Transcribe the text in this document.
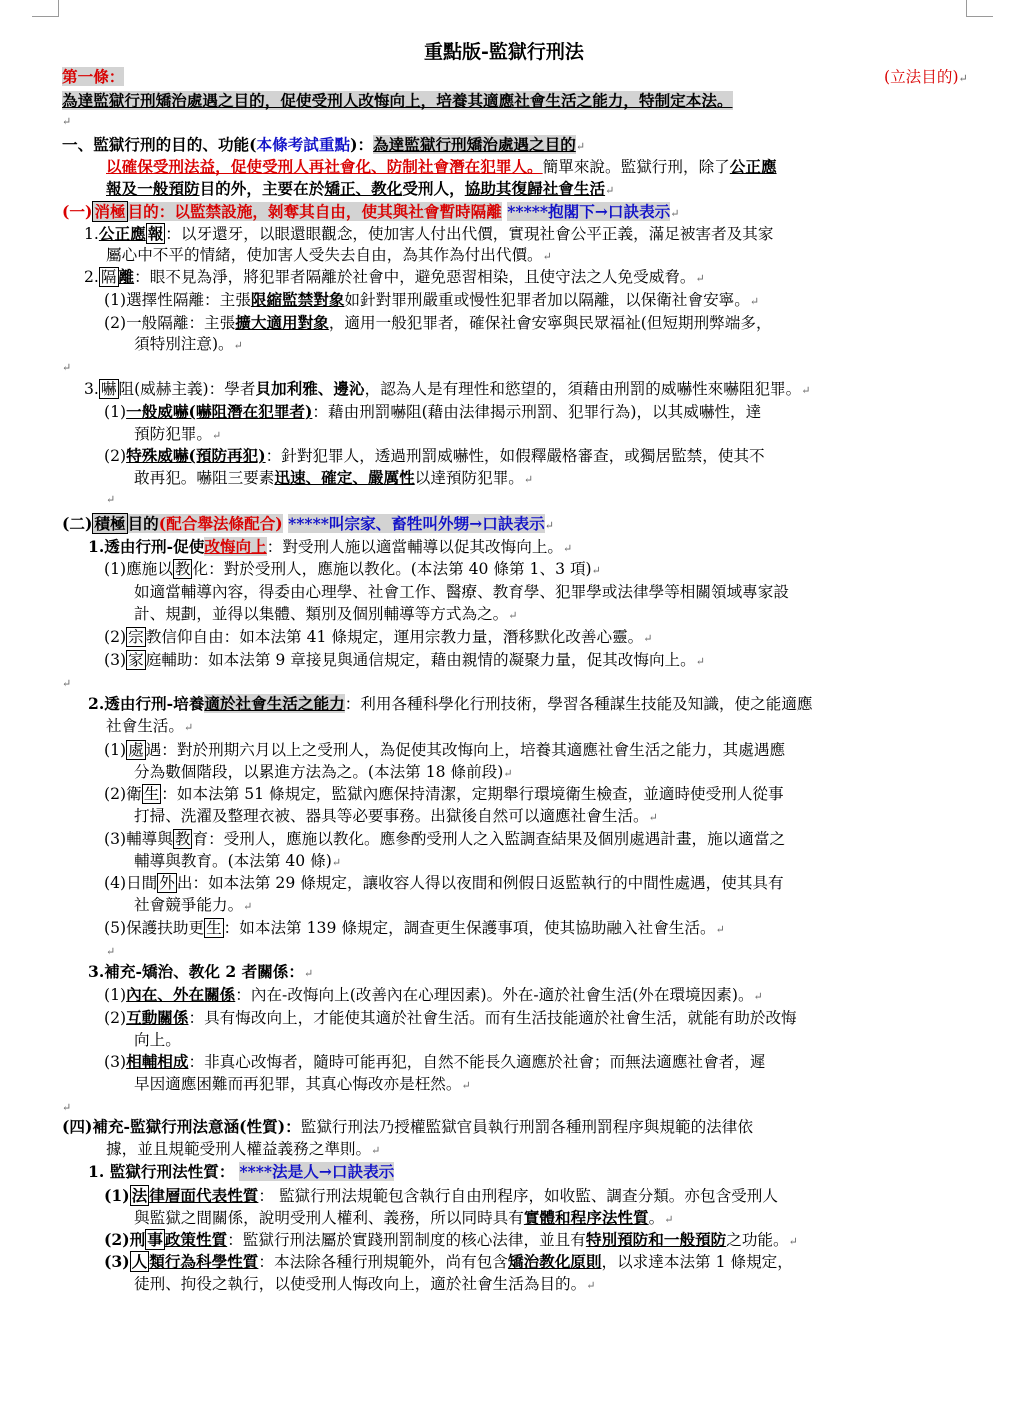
重點版-監獄行刑法
第一條：	(立法目的)↵
為達監獄行刑矯治處遇之目的，促使受刑人改悔向上，培養其適應社會生活之能力，特制定本法。
↵
一、監獄行刑的目的、功能(本條考試重點)：為達監獄行刑矯治處遇之目的↵
以確保受刑法益，促使受刑人再社會化、防制社會潛在犯罪人。簡單來說。監獄行刑，除了公正應
報及一般預防目的外，主要在於矯正、教化受刑人，協助其復歸社會生活↵
(一) 消極 目的：以監禁設施，剝奪其自由，使其與社會暫時隔離 *****抱閣下→口訣表示↵
1.公正應 報 ：以牙還牙，以眼還眼觀念，使加害人付出代價，實現社會公平正義，滿足被害者及其家
屬心中不平的情緒，使加害人受失去自由，為其作為付出代價。↵
2. 隔 離：眼不見為淨，將犯罪者隔離於社會中，避免惡習相染，且使守法之人免受威脅。↵
(1)選擇性隔離：主張限縮監禁對象如針對罪刑嚴重或慢性犯罪者加以隔離，以保衛社會安寧。↵
(2)一般隔離：主張擴大適用對象，適用一般犯罪者，確保社會安寧與民眾福祉(但短期刑弊端多，
須特別注意)。↵
↵
3. 嚇 阻(威赫主義)：學者貝加利雅、邊沁，認為人是有理性和慾望的，須藉由刑罰的威嚇性來嚇阻犯罪。↵
(1)一般威嚇(嚇阻潛在犯罪者)：藉由刑罰嚇阻(藉由法律揭示刑罰、犯罪行為)，以其威嚇性，達
預防犯罪。↵
(2)特殊威嚇(預防再犯)：針對犯罪人，透過刑罰威嚇性，如假釋嚴格審查，或獨居監禁，使其不
敢再犯。嚇阻三要素迅速、確定、嚴厲性以達預防犯罪。↵
↵
(二) 積極 目的(配合舉法條配合) *****叫宗家、畜牲叫外甥→口訣表示↵
1.透由行刑-促使改悔向上：對受刑人施以適當輔導以促其改悔向上。↵
(1)應施以 教 化：對於受刑人，應施以教化。(本法第 40 條第 1、3 項)↵
如適當輔導內容，得委由心理學、社會工作、醫療、教育學、犯罪學或法律學等相關領域專家設
計、規劃，並得以集體、類別及個別輔導等方式為之。↵
(2) 宗 教信仰自由：如本法第 41 條規定，運用宗教力量，潛移默化改善心靈。↵
(3) 家 庭輔助：如本法第 9 章接見與通信規定，藉由親情的凝聚力量，促其改悔向上。↵
↵
2.透由行刑-培養適於社會生活之能力：利用各種科學化行刑技術，學習各種謀生技能及知識，使之能適應
社會生活。↵
(1) 處 遇：對於刑期六月以上之受刑人，為促使其改悔向上，培養其適應社會生活之能力，其處遇應
分為數個階段，以累進方法為之。(本法第 18 條前段)↵
(2)衛 生 ：如本法第 51 條規定，監獄內應保持清潔，定期舉行環境衛生檢查，並適時使受刑人從事
打掃、洗濯及整理衣被、器具等必要事務。出獄後自然可以適應社會生活。↵
(3)輔導與 教 育：受刑人，應施以教化。應參酌受刑人之入監調查結果及個別處遇計畫，施以適當之
輔導與教育。(本法第 40 條)↵
(4)日間 外 出：如本法第 29 條規定，讓收容人得以夜間和例假日返監執行的中間性處遇，使其具有
社會競爭能力。↵
(5)保護扶助更 生 ：如本法第 139 條規定，調查更生保護事項，使其協助融入社會生活。↵
↵
3.補充-矯治、教化 2 者關係：↵
(1)內在、外在關係：內在-改悔向上(改善內在心理因素)。外在-適於社會生活(外在環境因素)。↵
(2)互動關係：具有悔改向上，才能使其適於社會生活。而有生活技能適於社會生活，就能有助於改悔
向上。
(3)相輔相成：非真心改悔者，隨時可能再犯，自然不能長久適應於社會；而無法適應社會者，遲
早因適應困難而再犯罪，其真心悔改亦是枉然。↵
↵
(四)補充-監獄行刑法意涵(性質)：監獄行刑法乃授權監獄官員執行刑罰各種刑罰程序與規範的法律依
據，並且規範受刑人權益義務之準則。↵
1. 監獄行刑法性質： ****法是人→口訣表示
(1) 法 律層面代表性質： 監獄行刑法規範包含執行自由刑程序，如收監、調查分類。亦包含受刑人
與監獄之間關係，說明受刑人權利、義務，所以同時具有實體和程序法性質。↵
(2)刑 事 政策性質：監獄行刑法屬於實踐刑罰制度的核心法律，並且有特別預防和一般預防之功能。↵
(3) 人 類行為科學性質：本法除各種行刑規範外，尚有包含矯治教化原則，以求達本法第 1 條規定，
徒刑、拘役之執行，以使受刑人悔改向上，適於社會生活為目的。↵
